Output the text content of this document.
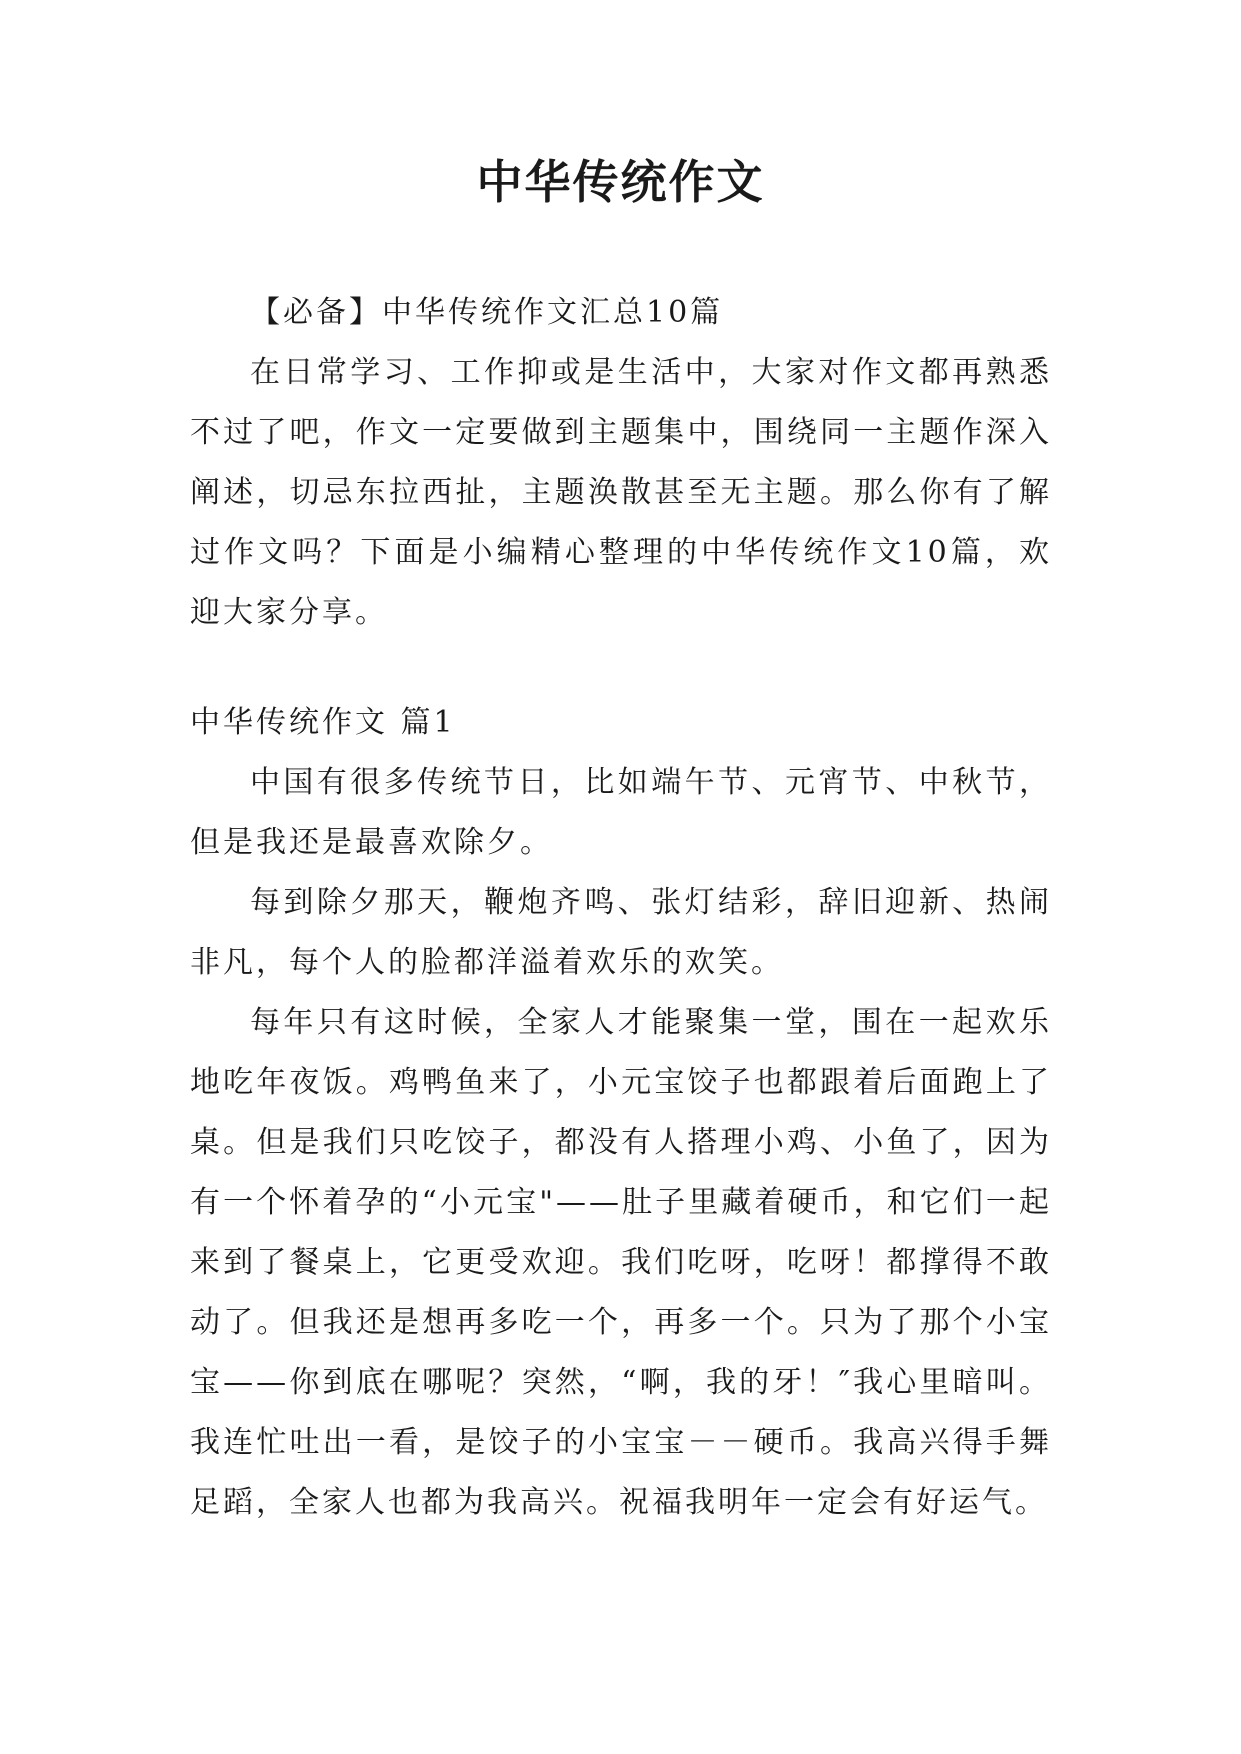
中华传统作文

【必备】中华传统作文汇总10篇

在日常学习、工作抑或是生活中，大家对作文都再熟悉不过了吧，作文一定要做到主题集中，围绕同一主题作深入阐述，切忌东拉西扯，主题涣散甚至无主题。那么你有了解过作文吗？下面是小编精心整理的中华传统作文10篇，欢迎大家分享。

中华传统作文 篇1

中国有很多传统节日，比如端午节、元宵节、中秋节，但是我还是最喜欢除夕。

每到除夕那天，鞭炮齐鸣、张灯结彩，辞旧迎新、热闹非凡，每个人的脸都洋溢着欢乐的欢笑。

每年只有这时候，全家人才能聚集一堂，围在一起欢乐地吃年夜饭。鸡鸭鱼来了，小元宝饺子也都跟着后面跑上了桌。但是我们只吃饺子，都没有人搭理小鸡、小鱼了，因为有一个怀着孕的“小元宝"——肚子里藏着硬币，和它们一起来到了餐桌上，它更受欢迎。我们吃呀，吃呀！都撑得不敢动了。但我还是想再多吃一个，再多一个。只为了那个小宝宝——你到底在哪呢？突然，“啊，我的牙！″我心里暗叫。我连忙吐出一看，是饺子的小宝宝－－硬币。我高兴得手舞足蹈，全家人也都为我高兴。祝福我明年一定会有好运气。
